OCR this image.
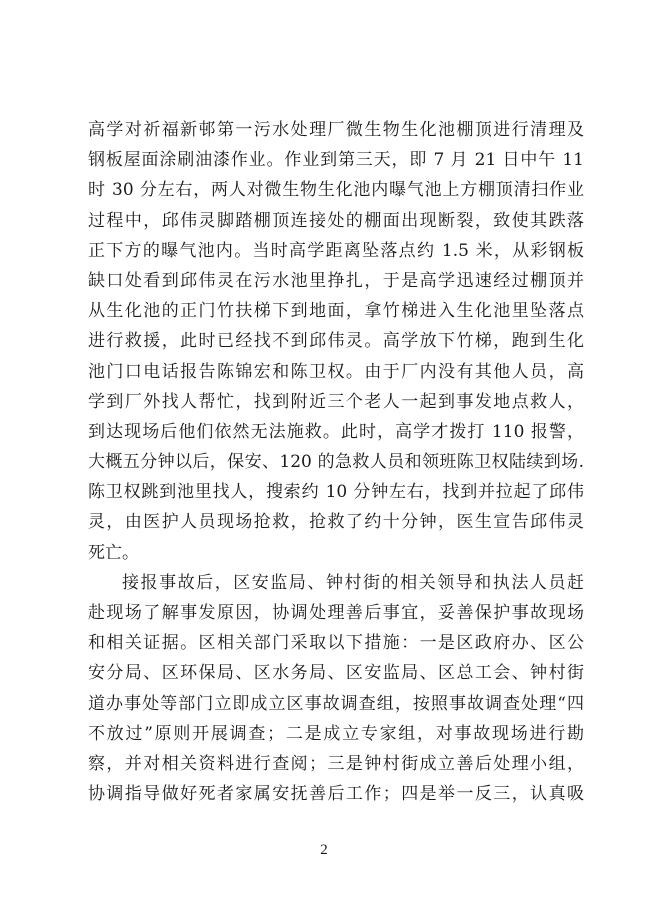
高学对祈福新邨第一污水处理厂微生物生化池棚顶进行清理及
钢板屋面涂刷油漆作业。作业到第三天，即 7 月 21 日中午 11
时 30 分左右，两人对微生物生化池内曝气池上方棚顶清扫作业
过程中，邱伟灵脚踏棚顶连接处的棚面出现断裂，致使其跌落
正下方的曝气池内。当时高学距离坠落点约 1.5 米，从彩钢板
缺口处看到邱伟灵在污水池里挣扎，于是高学迅速经过棚顶并
从生化池的正门竹扶梯下到地面，拿竹梯进入生化池里坠落点
进行救援，此时已经找不到邱伟灵。高学放下竹梯，跑到生化
池门口电话报告陈锦宏和陈卫权。由于厂内没有其他人员，高
学到厂外找人帮忙，找到附近三个老人一起到事发地点救人，
到达现场后他们依然无法施救。此时，高学才拨打 110 报警，
大概五分钟以后，保安、120 的急救人员和领班陈卫权陆续到场.
陈卫权跳到池里找人，搜索约 10 分钟左右，找到并拉起了邱伟
灵，由医护人员现场抢救，抢救了约十分钟，医生宣告邱伟灵
死亡。
接报事故后，区安监局、钟村街的相关领导和执法人员赶
赴现场了解事发原因，协调处理善后事宜，妥善保护事故现场
和相关证据。区相关部门采取以下措施：一是区政府办、区公
安分局、区环保局、区水务局、区安监局、区总工会、钟村街
道办事处等部门立即成立区事故调查组，按照事故调查处理“四
不放过”原则开展调查；二是成立专家组，对事故现场进行勘
察，并对相关资料进行查阅；三是钟村街成立善后处理小组，
协调指导做好死者家属安抚善后工作；四是举一反三，认真吸
2
